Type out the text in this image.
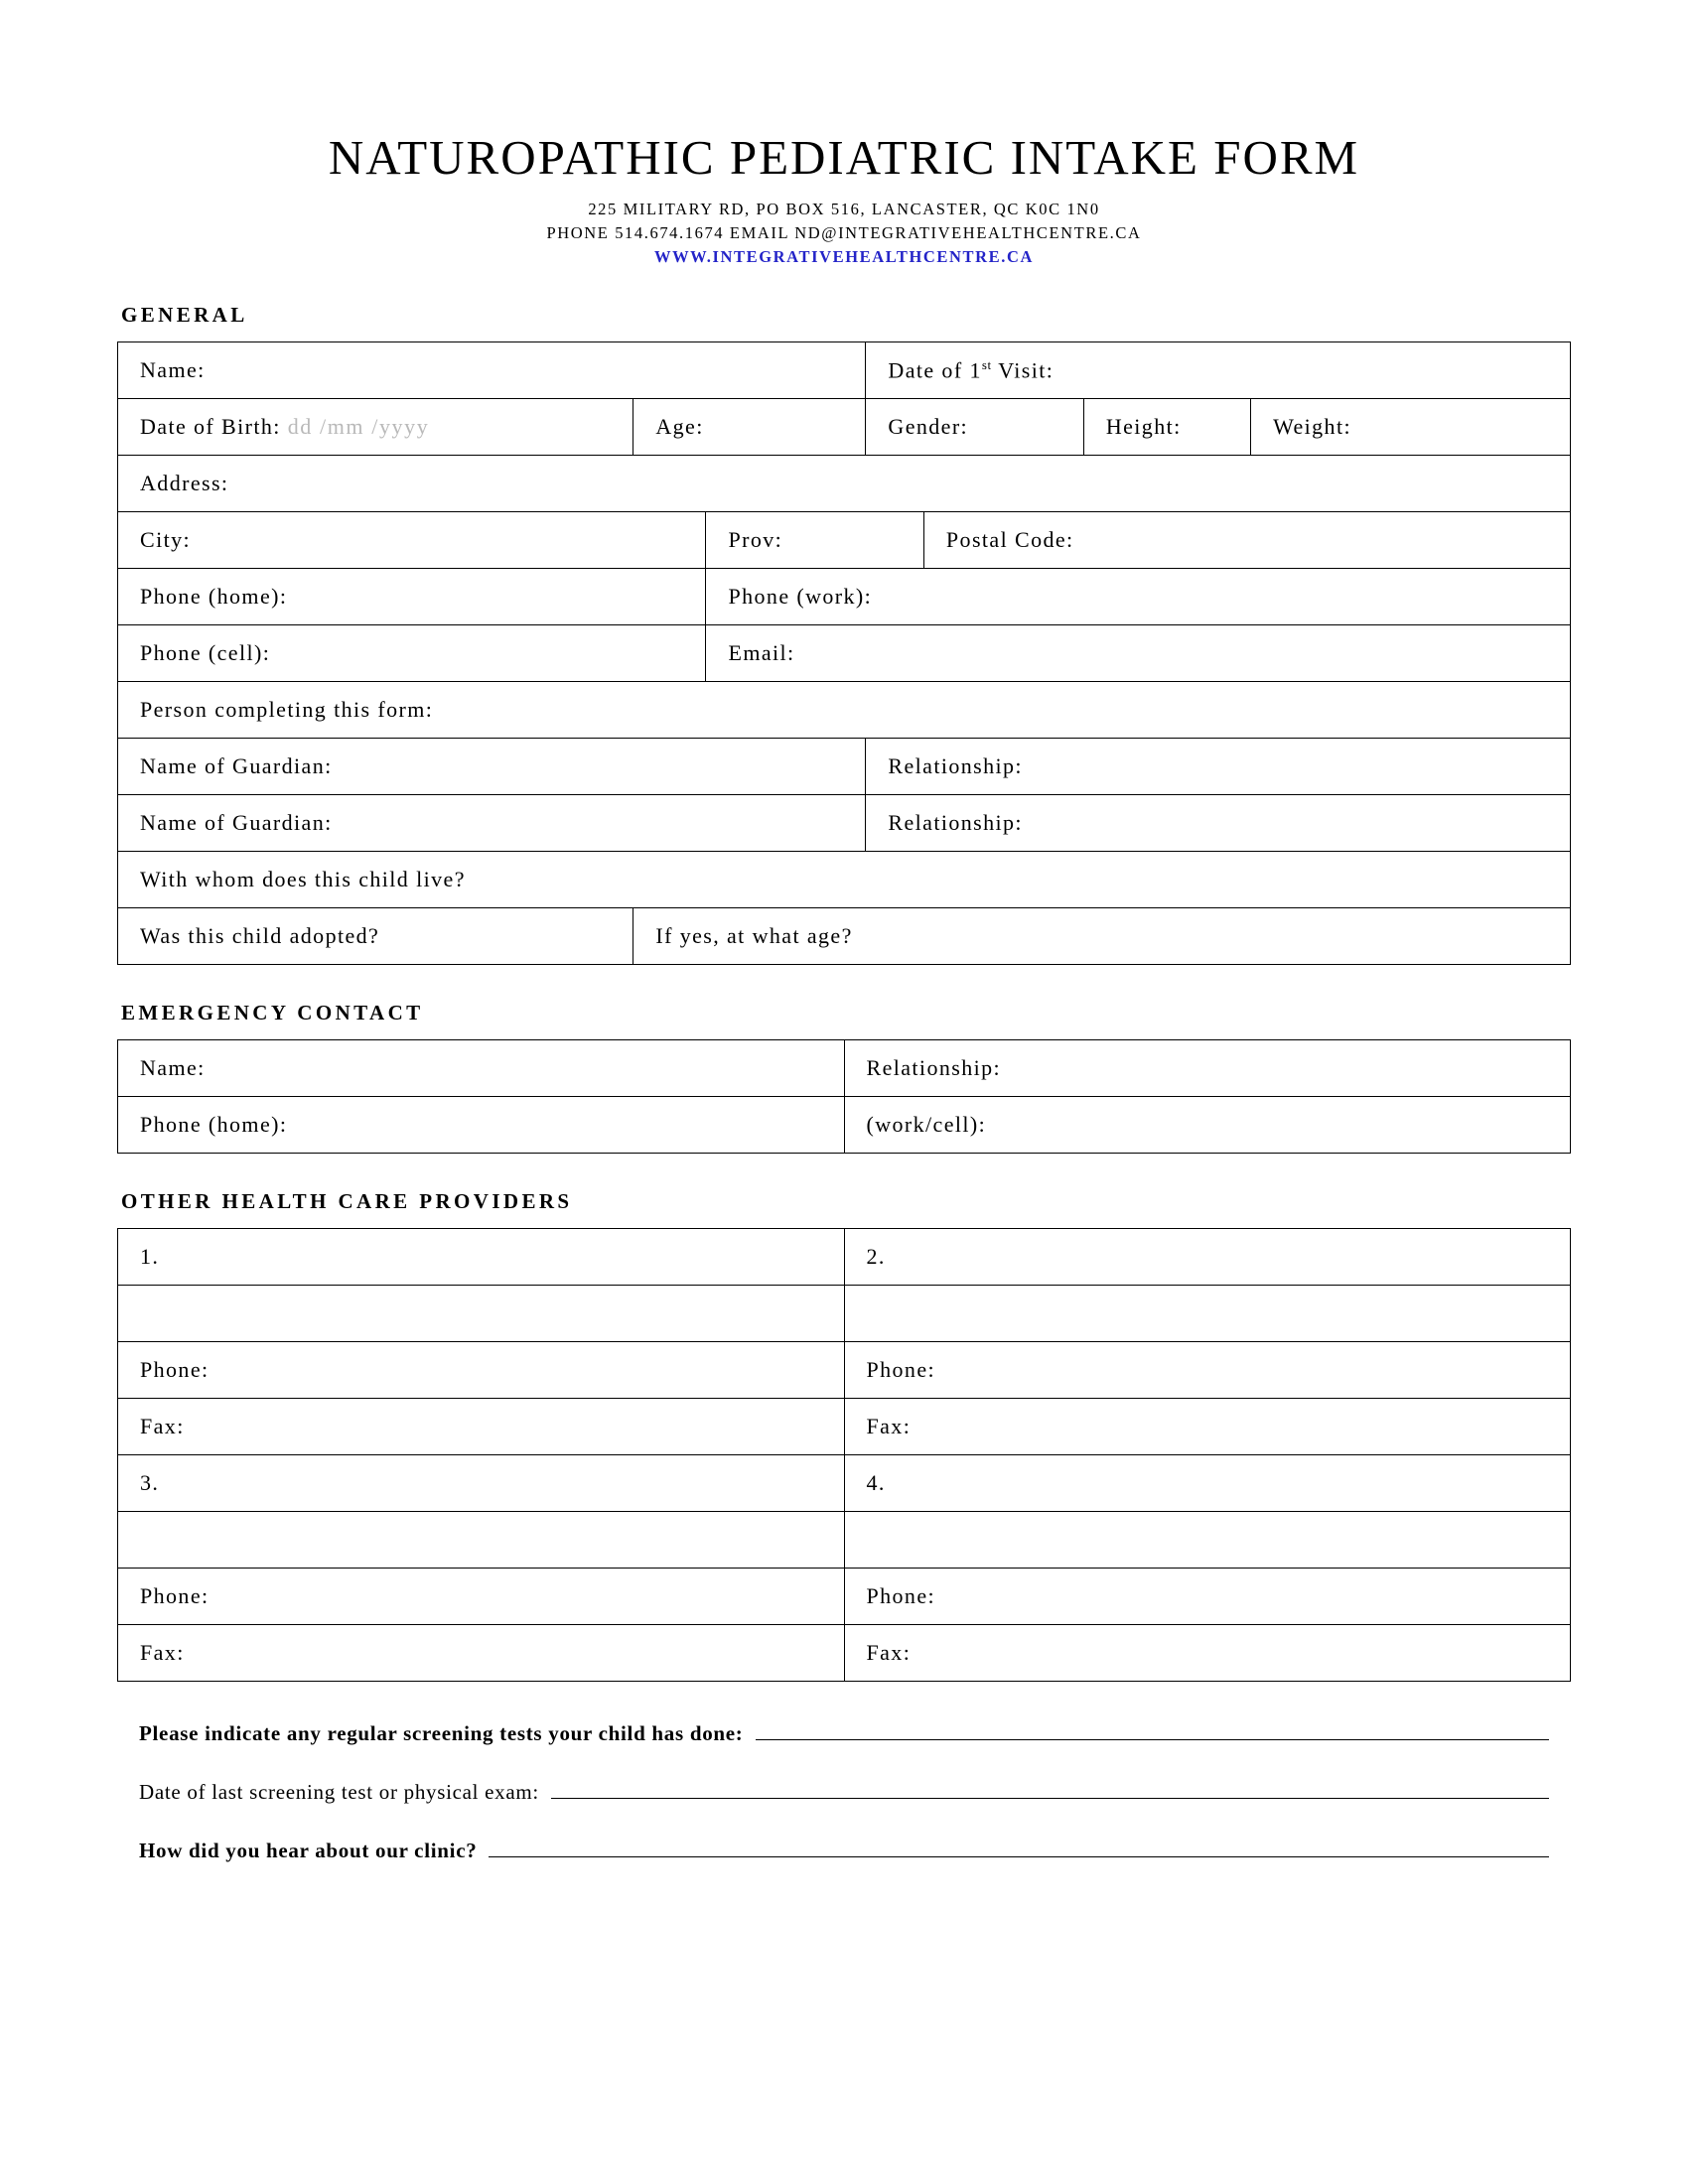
NATUROPATHIC PEDIATRIC INTAKE FORM
225 MILITARY RD, PO BOX 516, LANCASTER, QC K0C 1N0
PHONE 514.674.1674 EMAIL ND@INTEGRATIVEHEALTHCENTRE.CA
WWW.INTEGRATIVEHEALTHCENTRE.CA
GENERAL
Name:			Date of 1st Visit:			
Date of Birth: dd /mm /yyyy	Age:		Gender:		Height:	Weight:
Address:						
City:		Prov:		Postal Code:		
Phone (home):		Phone (work):				
Phone (cell):		Email:				
Person completing this form:						
Name of Guardian:			Relationship:			
Name of Guardian:			Relationship:			
With whom does this child live?						
Was this child adopted?	If yes, at what age?					
EMERGENCY CONTACT
Name:	Relationship:
Phone (home):	(work/cell):
OTHER HEALTH CARE PROVIDERS
1.	2.

Phone:	Phone:
Fax:	Fax:
3.	4.

Phone:	Phone:
Fax:	Fax:
Please indicate any regular screening tests your child has done:
Date of last screening test or physical exam:
How did you hear about our clinic?
